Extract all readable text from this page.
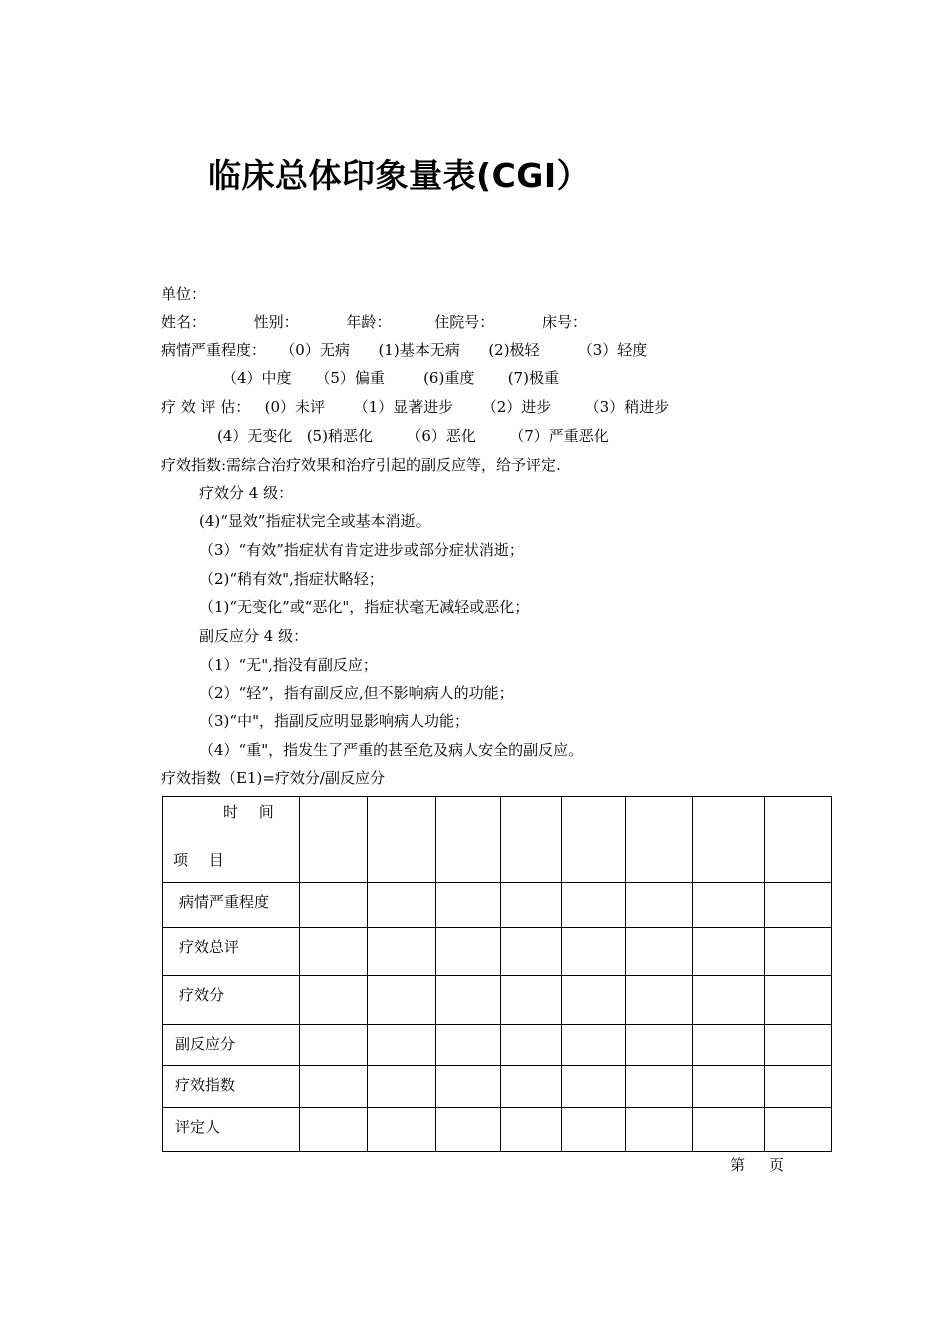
临床总体印象量表(CGI）
单位：
姓名：          性别：          年龄：         住院号：          床号：
病情严重程度：   （0）无病      (1)基本无病      (2)极轻        （3）轻度
（4）中度     （5）偏重        (6)重度       (7)极重
疗 效 评 估：   (0）未评      （1）显著进步      （2）进步       （3）稍进步
(4）无变化   (5)稍恶化       （6）恶化       （7）严重恶化
疗效指数:需综合治疗效果和治疗引起的副反应等，给予评定.
疗效分 4 级：
(4)“显效”指症状完全或基本消逝。
（3）“有效”指症状有肯定进步或部分症状消逝；
（2)“稍有效",指症状略轻；
（1)“无变化”或“恶化"，指症状毫无减轻或恶化；
副反应分 4 级：
（1）“无",指没有副反应；
（2）“轻”，指有副反应,但不影响病人的功能；
（3)“中"，指副反应明显影响病人功能；
（4）“重"，指发生了严重的甚至危及病人安全的副反应。
疗效指数（E1)=疗效分/副反应分
时 间
项 目								

病情严重程度								

疗效总评								

疗效分								

副反应分								

疗效指数								

评定人								

第     页
